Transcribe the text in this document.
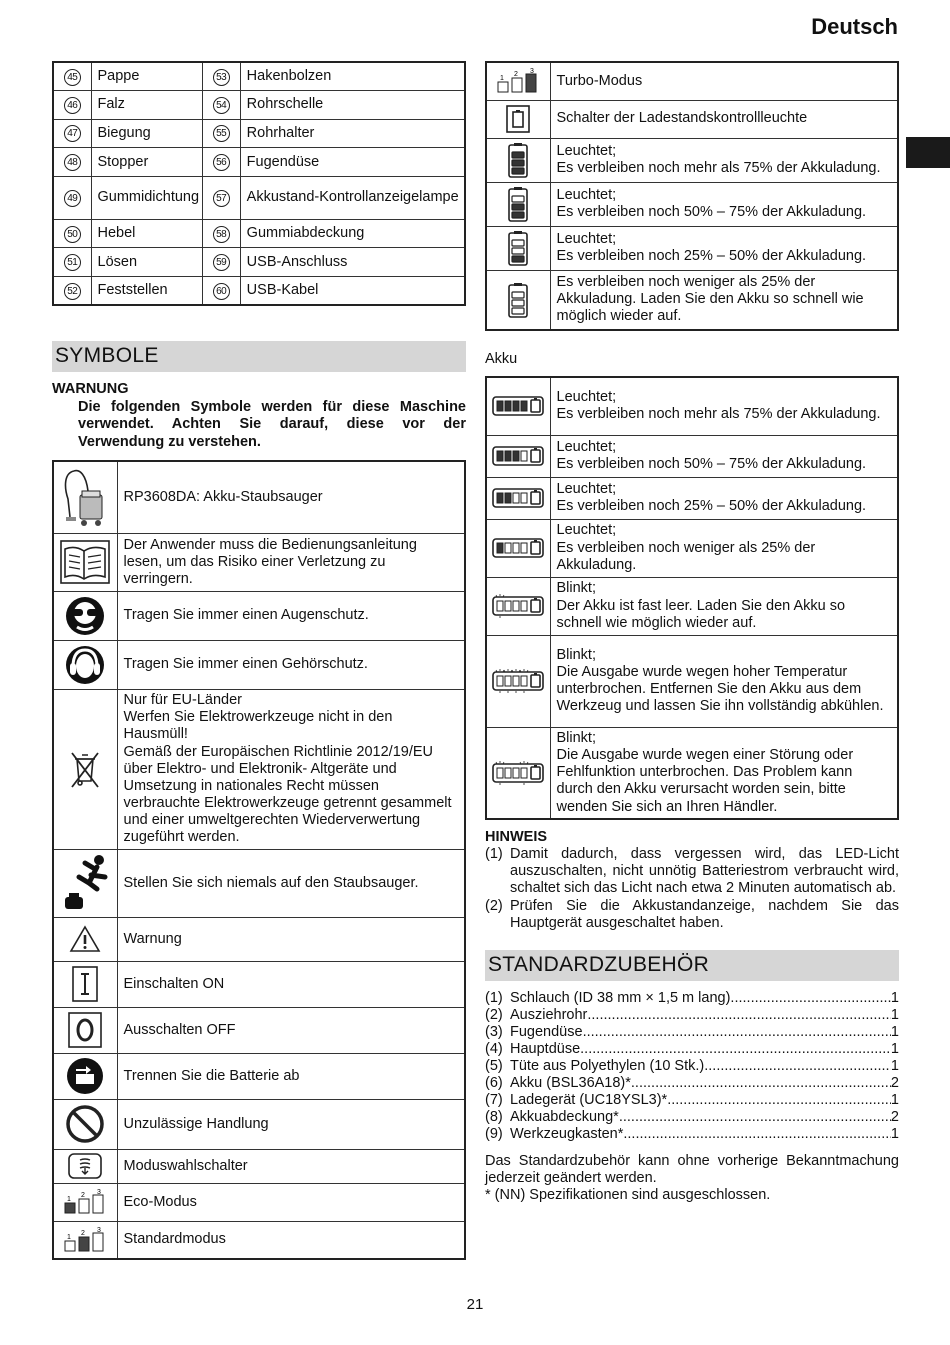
Deutsch
45	Pappe	53	Hakenbolzen
46	Falz	54	Rohrschelle
47	Biegung	55	Rohrhalter
48	Stopper	56	Fugendüse
49	Gummidichtung	57	Akkustand-Kontrollanzeigelampe
50	Hebel	58	Gummiabdeckung
51	Lösen	59	USB-Anschluss
52	Feststellen	60	USB-Kabel
SYMBOLE
WARNUNG
Die folgenden Symbole werden für diese Maschine verwendet. Achten Sie darauf, diese vor der Verwendung zu verstehen.
	RP3608DA: Akku-Staubsauger

	Der Anwender muss die Bedienungsanleitung lesen, um das Risiko einer Verletzung zu verringern.

	Tragen Sie immer einen Augenschutz.

	Tragen Sie immer einen Gehörschutz.

	Nur für EU-Länder
Werfen Sie Elektrowerkzeuge nicht in den Hausmüll!
Gemäß der Europäischen Richtlinie 2012/19/EU über Elektro- und Elektronik- Altgeräte und Umsetzung in nationales Recht müssen verbrauchte Elektrowerkzeuge getrennt gesammelt und einer umweltgerechten Wiederverwertung zugeführt werden.

	Stellen Sie sich niemals auf den Staubsauger.

	Warnung

	Einschalten ON

	Ausschalten OFF

	Trennen Sie die Batterie ab

	Unzulässige Handlung

	Moduswahlschalter

1
2 3	Eco-Modus

1
2 3	Standardmodus
1
2 3	Turbo-Modus

	Schalter der Ladestandskontrollleuchte

	Leuchtet;
Es verbleiben noch mehr als 75% der Akkuladung.

	Leuchtet;
Es verbleiben noch 50% – 75% der Akkuladung.

	Leuchtet;
Es verbleiben noch 25% – 50% der Akkuladung.

	Es verbleiben noch weniger als 25% der Akkuladung. Laden Sie den Akku so schnell wie möglich wieder auf.
Akku
	Leuchtet;
Es verbleiben noch mehr als 75% der Akkuladung.

	Leuchtet;
Es verbleiben noch 50% – 75% der Akkuladung.

	Leuchtet;
Es verbleiben noch 25% – 50% der Akkuladung.

	Leuchtet;
Es verbleiben noch weniger als 25% der Akkuladung.

	Blinkt;
Der Akku ist fast leer. Laden Sie den Akku so schnell wie möglich wieder auf.

	Blinkt;
Die Ausgabe wurde wegen hoher Temperatur unterbrochen. Entfernen Sie den Akku aus dem Werkzeug und lassen Sie ihn vollständig abkühlen.

	Blinkt;
Die Ausgabe wurde wegen einer Störung oder Fehlfunktion unterbrochen. Das Problem kann durch den Akku verursacht worden sein, bitte wenden Sie sich an Ihren Händler.
HINWEIS
(1) Damit dadurch, dass vergessen wird, das LED-Licht auszuschalten, nicht unnötig Batteriestrom verbraucht wird, schaltet sich das Licht nach etwa 2 Minuten automatisch ab.
(2) Prüfen Sie die Akkustandanzeige, nachdem Sie das Hauptgerät ausgeschaltet haben.
STANDARDZUBEHÖR
(1) Schlauch (ID 38 mm × 1,5 m lang) .....	1
(2) Ausziehrohr .....	1
(3) Fugendüse .....	1
(4) Hauptdüse .....	1
(5) Tüte aus Polyethylen (10 Stk.) .....	1
(6) Akku (BSL36A18)* .....	2
(7) Ladegerät (UC18YSL3)* .....	1
(8) Akkuabdeckung* .....	2
(9) Werkzeugkasten* .....	1
Das Standardzubehör kann ohne vorherige Bekanntmachung jederzeit geändert werden.
* (NN) Spezifikationen sind ausgeschlossen.
21
